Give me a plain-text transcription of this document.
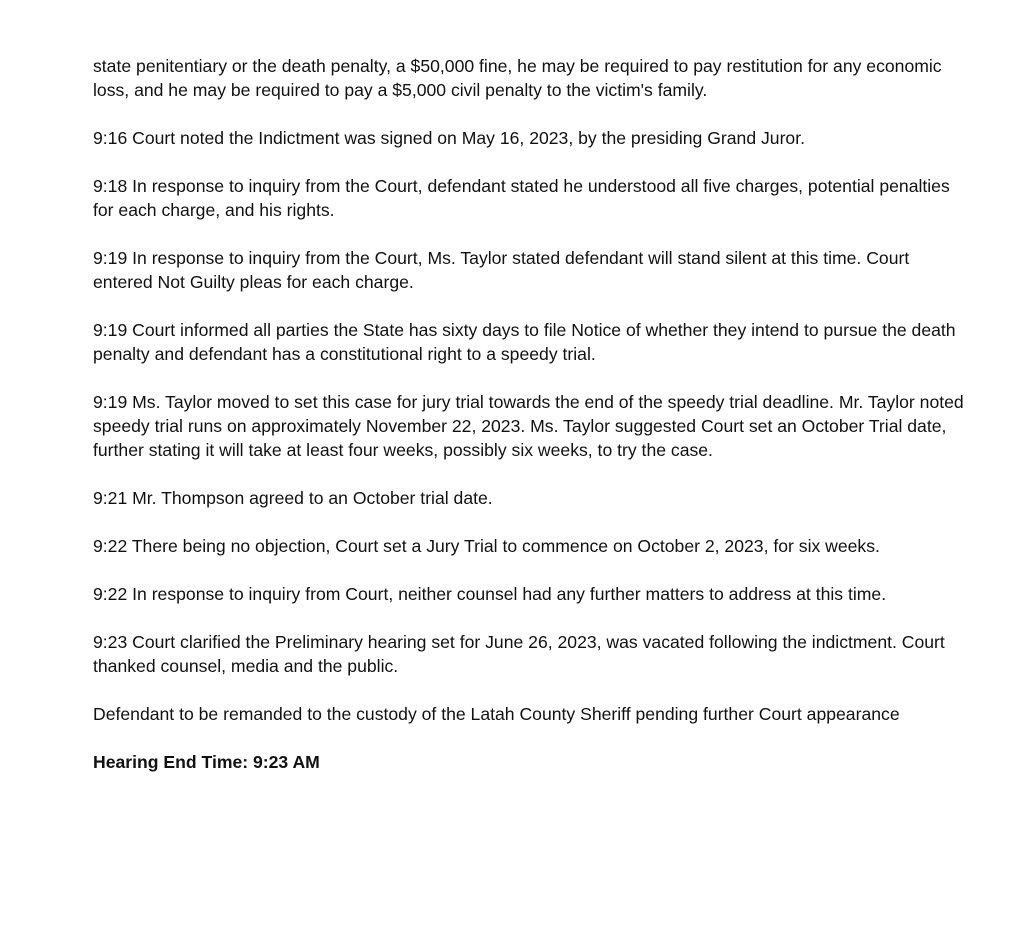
state penitentiary or the death penalty, a $50,000 fine, he may be required to pay restitution for any economic loss, and he may be required to pay a $5,000 civil penalty to the victim's family.

9:16 Court noted the Indictment was signed on May 16, 2023, by the presiding Grand Juror.

9:18 In response to inquiry from the Court, defendant stated he understood all five charges, potential penalties for each charge, and his rights.

9:19 In response to inquiry from the Court, Ms. Taylor stated defendant will stand silent at this time. Court entered Not Guilty pleas for each charge.

9:19 Court informed all parties the State has sixty days to file Notice of whether they intend to pursue the death penalty and defendant has a constitutional right to a speedy trial.

9:19 Ms. Taylor moved to set this case for jury trial towards the end of the speedy trial deadline. Mr. Taylor noted speedy trial runs on approximately November 22, 2023. Ms. Taylor suggested Court set an October Trial date, further stating it will take at least four weeks, possibly six weeks, to try the case.

9:21 Mr. Thompson agreed to an October trial date.

9:22 There being no objection, Court set a Jury Trial to commence on October 2, 2023, for six weeks.

9:22 In response to inquiry from Court, neither counsel had any further matters to address at this time.

9:23 Court clarified the Preliminary hearing set for June 26, 2023, was vacated following the indictment. Court thanked counsel, media and the public.

Defendant to be remanded to the custody of the Latah County Sheriff pending further Court appearance

Hearing End Time: 9:23 AM
